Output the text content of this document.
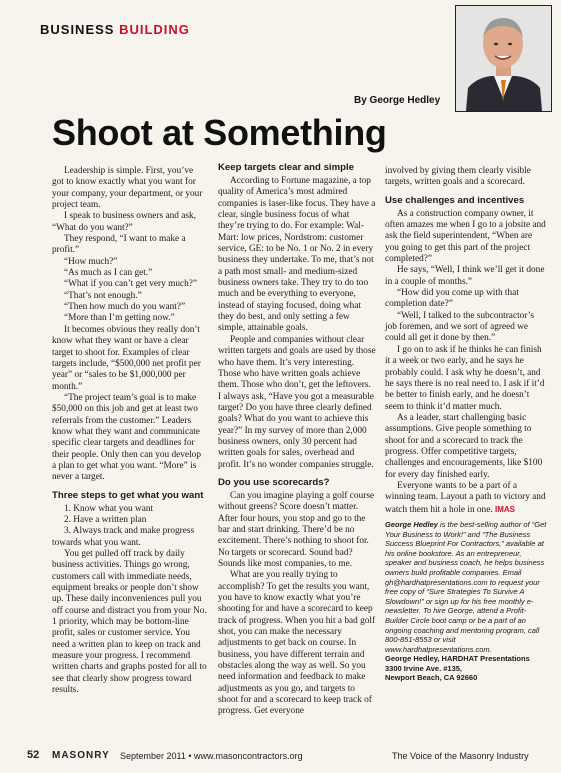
BUSINESS BUILDING
By George Hedley
Shoot at Something

Leadership is simple. First, you’ve got to know exactly what you want for your company, your department, or your project team.

I speak to business owners and ask, “What do you want?”

They respond, “I want to make a profit.”

“How much?”

“As much as I can get.”

“What if you can’t get very much?”

“That’s not enough.”

“Then how much do you want?”

“More than I’m getting now.”

It becomes obvious they really don’t know what they want or have a clear target to shoot for. Examples of clear targets include, “$500,000 net profit per year” or “sales to be $1,000,000 per month.”

“The project team’s goal is to make $50,000 on this job and get at least two referrals from the customer.” Leaders know what they want and communicate specific clear targets and deadlines for their people. Only then can you develop a plan to get what you want. “More” is never a target.

Three steps to get what you want

1. Know what you want

2. Have a written plan

3. Always track and make progress towards what you want.

You get pulled off track by daily business activities. Things go wrong, customers call with immediate needs, equipment breaks or people don’t show up. These daily inconveniences pull you off course and distract you from your No. 1 priority, which may be bottom-line profit, sales or customer service. You need a written plan to keep on track and measure your progress. I recommend written charts and graphs posted for all to see that clearly show progress toward results.

Keep targets clear and simple

According to Fortune magazine, a top quality of America’s most admired companies is laser-like focus. They have a clear, single business focus of what they’re trying to do. For example: Wal-Mart: low prices, Nordstrom: customer service, GE: to be No. 1 or No. 2 in every business they undertake. To me, that’s not a path most small- and medium-sized business owners take. They try to do too much and be everything to everyone, instead of staying focused, doing what they do best, and only setting a few simple, attainable goals.

People and companies without clear written targets and goals are used by those who have them. It’s very interesting. Those who have written goals achieve them. Those who don’t, get the leftovers. I always ask, “Have you got a measurable target? Do you have three clearly defined goals? What do you want to achieve this year?” In my survey of more than 2,000 business owners, only 30 percent had written goals for sales, overhead and profit. It’s no wonder companies struggle.

Do you use scorecards?

Can you imagine playing a golf course without greens? Score doesn’t matter. After four hours, you stop and go to the bar and start drinking. There’d be no excitement. There’s nothing to shoot for. No targets or scorecard. Sound bad? Sounds like most companies, to me.

What are you really trying to accomplish? To get the results you want, you have to know exactly what you’re shooting for and have a scorecard to keep track of progress. When you hit a bad golf shot, you can make the necessary adjustments to get back on course. In business, you have different terrain and obstacles along the way as well. So you need information and feedback to make adjustments as you go, and targets to shoot for and a scorecard to keep track of progress. Get everyone

involved by giving them clearly visible targets, written goals and a scorecard.

Use challenges and incentives

As a construction company owner, it often amazes me when I go to a jobsite and ask the field superintendent, “When are you going to get this part of the project completed?”

He says, “Well, I think we’ll get it done in a couple of months.”

“How did you come up with that completion date?”

“Well, I talked to the subcontractor’s job foremen, and we sort of agreed we could all get it done by then.”

I go on to ask if he thinks he can finish it a week or two early, and he says he probably could. I ask why he doesn’t, and he says there is no real need to. I ask if it’d be better to finish early, and he doesn’t seem to think it’d matter much.

As a leader, start challenging basic assumptions. Give people something to shoot for and a scorecard to track the progress. Offer competitive targets, challenges and encouragements, like $100 for every day finished early.

Everyone wants to be a part of a winning team. Layout a path to victory and watch them hit a hole in one. IMAS

George Hedley is the best-selling author of “Get Your Business to Work!” and “The Business Success Blueprint For Contractors,” available at his online bookstore. As an entrepreneur, speaker and business coach, he helps business owners build profitable companies. Email gh@hardhatpresentations.com to request your free copy of “Sure Strategies To Survive A Slowdown!” or sign up for his free monthly e-newsletter. To hire George, attend a Profit-Builder Circle boot camp or be a part of an ongoing coaching and mentoring program, call 800-851-8553 or visit www.hardhatpresentations.com.
George Hedley, HARDHAT Presentations
3300 Irvine Ave. #135,
Newport Beach, CA 92660
52 MASONRY September 2011 • www.masoncontractors.org	The Voice of the Masonry Industry
